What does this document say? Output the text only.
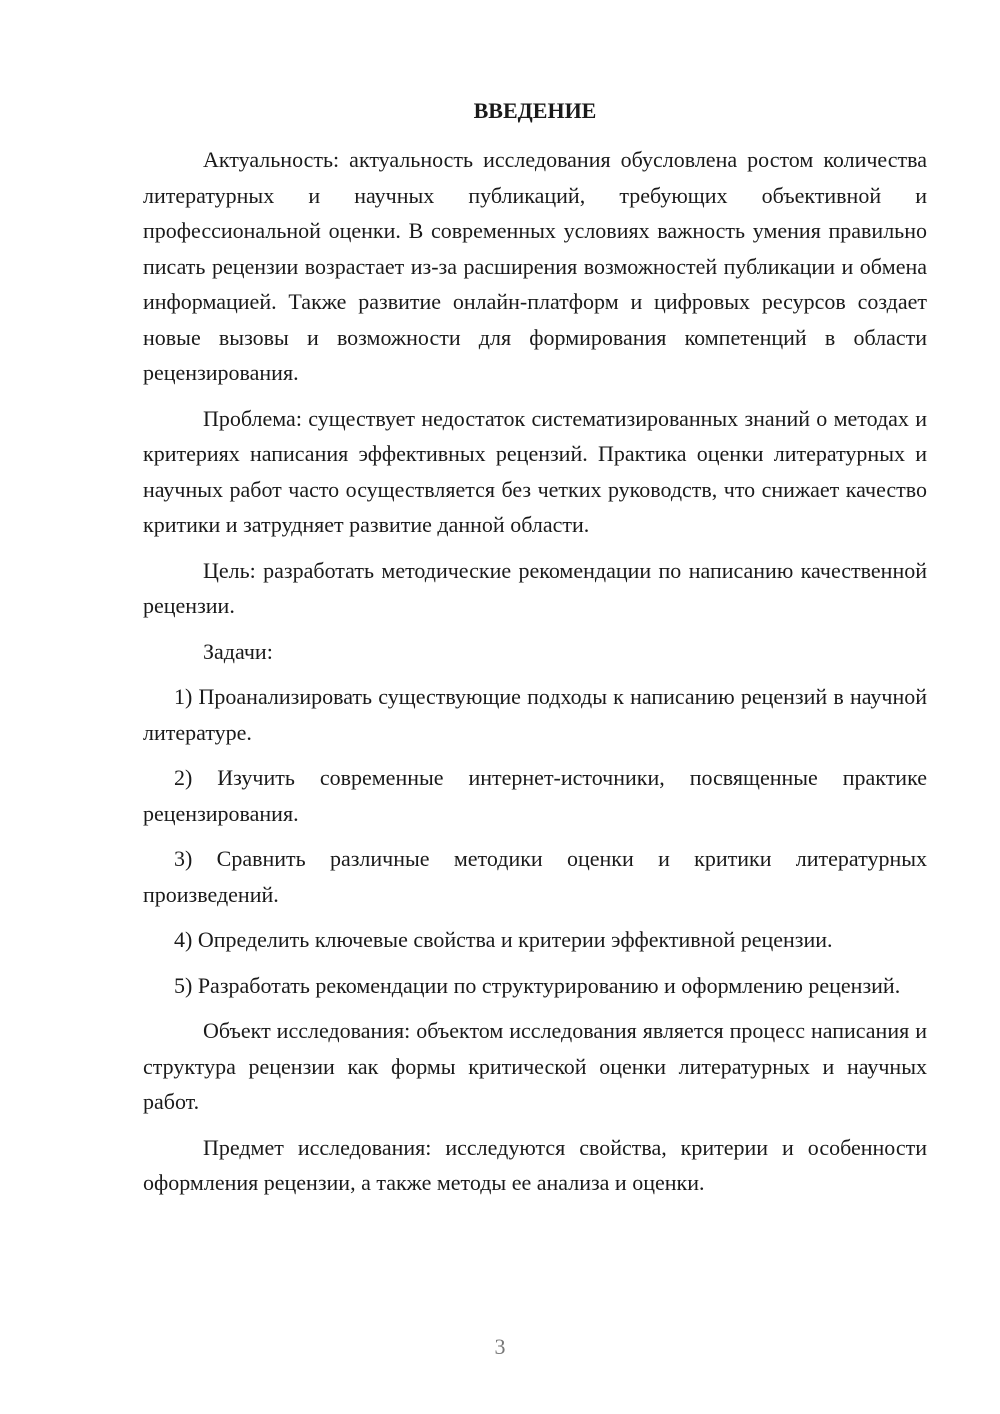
ВВЕДЕНИЕ

Актуальность: актуальность исследования обусловлена ростом количества литературных и научных публикаций, требующих объективной и профессиональной оценки. В современных условиях важность умения правильно писать рецензии возрастает из-за расширения возможностей публикации и обмена информацией. Также развитие онлайн-платформ и цифровых ресурсов создает новые вызовы и возможности для формирования компетенций в области рецензирования.

Проблема: существует недостаток систематизированных знаний о методах и критериях написания эффективных рецензий. Практика оценки литературных и научных работ часто осуществляется без четких руководств, что снижает качество критики и затрудняет развитие данной области.

Цель: разработать методические рекомендации по написанию качественной рецензии.

Задачи:

1) Проанализировать существующие подходы к написанию рецензий в научной литературе.

2) Изучить современные интернет-источники, посвященные практике рецензирования.

3) Сравнить различные методики оценки и критики литературных произведений.

4) Определить ключевые свойства и критерии эффективной рецензии.

5) Разработать рекомендации по структурированию и оформлению рецензий.

Объект исследования: объектом исследования является процесс написания и структура рецензии как формы критической оценки литературных и научных работ.

Предмет исследования: исследуются свойства, критерии и особенности оформления рецензии, а также методы ее анализа и оценки.

3
